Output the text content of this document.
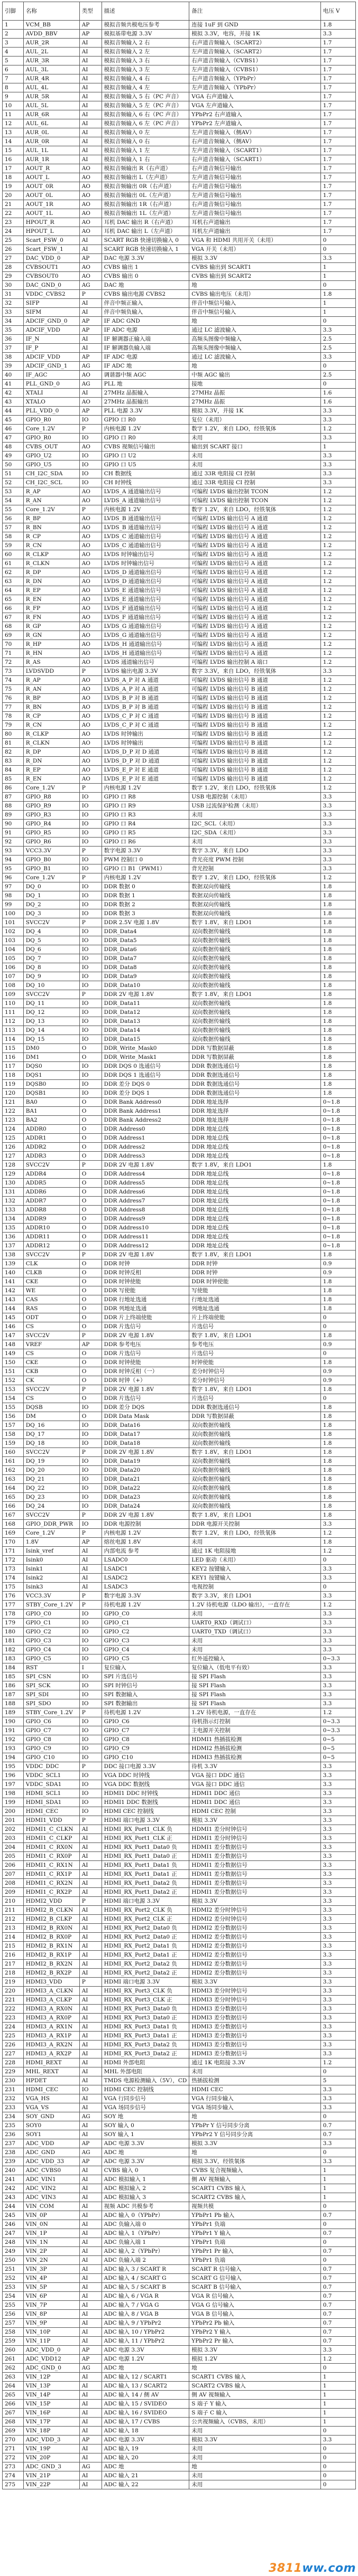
引脚	名称	类型	描述	备注	电压 V
1	VCM_BB	AP	模拟音频共模电压参考	连接 1uF 到 GND	1.8
2	AVDD_BBV	AP	模拟基带电源 3.3V	模拟 3.3V，电容，并接 1K	3.3
3	AUR_2R	AI	模拟音频输入 2 右	右声道音频输入（SCART2）	1.7
4	AUL_2L	AI	模拟音频输入 2 左	左声道音频输入（SCART2）	1.7
5	AUR_3R	AI	模拟音频输入 3 右	右声道音频输入（CVBS1）	1.7
6	AUL_3L	AI	模拟音频输入 3 左	左声道音频输入（CVBS1）	1.7
7	AUR_4R	AI	模拟音频输入 4 右	右声道音频输入（YPbPr）	1.7
8	AUL_4L	AI	模拟音频输入 4 左	左声道音频输入（YPbPr）	1.7
9	AUR_5R	AI	模拟音频输入 5 右（PC 声音）	VGA 右声道输入	1.7
10	AUL_5L	AI	模拟音频输入 5 左（PC 声音）	VGA 左声道输入	1.7
11	AUR_6R	AI	模拟音频输入 6 右（PC 声音）	YPbPr2 右声道输入	1.7
12	AUL_6L	AI	模拟音频输入 6 左（PC 声音）	YPbPr2 左声道输入	1.7
13	AUR_0L	AI	模拟音频输入 0 左	左声道音频输入（侧AV）	1.7
14	AUR_0R	AI	模拟音频输入 0 右	右声道音频输入（侧AV）	1.7
15	AUL_1L	AI	模拟音频输入 1 左	左声道音频输入（SCART1）	1.7
16	AUR_1R	AI	模拟音频输入 1 右	右声道音频输入（SCART1）	1.7
17	AOUT_R	AO	模拟音频输出 R（右声道）	右声道音频信号输出	1.7
18	AOUT_L	AO	模拟音频输出 L（左声道）	左声道音频信号输出	1.7
19	AOUT_0R	AO	模拟音频输出 0R（右声道）	右声道音频信号输出	1.7
20	AOUT_0L	AO	模拟音频输出 0L（左声道）	左声道音频信号输出	1.7
21	AOUT_1R	AO	模拟音频输出 1R（右声道）	右声道音频信号输出	1.7
22	AOUT_1L	AO	模拟音频输出 1L（左声道）	左声道音频信号输出	1.7
23	HPOUT_R	AO	耳机 DAC 输出 R（右声道）	耳机右声道输出	1.7
24	HPOUT_L	AO	耳机 DAC 输出 L（左声道）	耳机左声道输出	1.7
25	Scart_FSW_0	AI	SCART RGB 快速切换输入 0	VGA 和 HDMI 共用开关（未用）	0
26	Scart_FSW_1	AI	SCART RGB 快速切换输入 1	VGA 开关（未用）	0
27	DAC_VDD_0	AP	DAC 电源 3.3V	模拟 3.3V	3.3
28	CVBSOUT1	AO	CVBS 输出 1	CVBS 输出到 SCART1	1
29	CVBSOUT0	AO	CVBS 输出 0	CVBS 输出到 SCART2	1
30	DAC_GND_0	AG	DAC 地	地	0
31	VDDC_CVBS2	P	CVBS 输出电源 CVBS2	CVBS 输出电压（未用）	1.8
32	SIFP	AI	伴音中频正输入	伴音中频信号输入	1
33	SIFM	AI	伴音中频负输入	伴音中频信号输入	1
34	ADCIF_GND_0	AP	IF ADC GND	地	0
35	ADCIF_VDD	AP	IF ADC 电源	通过 LC 滤波输入	3.3
36	IF_N	AI	IF 解调器正输入端	高频头图像中频输入	2.5
37	IF_P	AI	IF 解调器负输入端	高频头图像中频输入	2.5
38	ADCIF_VDD	AP	IF ADC 电源	通过 LC 滤波输入	3.3
39	ADCIF_GND_1	AG	IF ADC 地	地	0
40	IF_AGC	AO	调谐器中频 AGC	中频 AGC 输出	2.5
41	PLL_GND_0	AG	PLL 地	接地	0
42	XTALI	AI	27MHz 晶振输入	27MHz 晶振	1.6
43	XTALO	AO	27MHz 晶振输出	27MHz 晶振	1.6
44	PLL_VDD_0	AP	PLL 电源 3.3V	模拟 3.3V，并接 1K	3.3
45	GPIO_R0	IO	GPIO 口 R0	复位（未用）	3.3
46	Core_1.2V	P	内核电源 1.2V	数字 1.2V，来自 LDO，经铁氧体	1.2
47	GPIO_R0	IO	GPIO 口 R0	未用	3.3
48	CVBS_OUT	AO	CVBS 视频信号输出	输出到 SCART 接口	1
49	GPIO_U2	IO	GPIO 口 U2	未用	3.3
50	GPIO_U5	IO	GPIO 口 U5	未用	3.3
51	CH_I2C_SDA	IO	CH 数据线	通过 33R 电阻接 CI 控制	3.3
52	CH_I2C_SCL	IO	CH 时钟线	通过 33R 电阻接 CI 控制	3.3
53	R_AP	AO	LVDS_A 通道输出信号	可编程 LVDS 输出控制 TCON	1.2
54	R_AN	AO	LVDS_A 通道输出信号	可编程 LVDS 输出控制 TCON	1.2
55	Core_1.2V	P	内核电源 1.2V	数字 1.2V，来自 LDO，经铁氧体	1.2
56	R_BP	AO	LVDS_B 通道输出信号	可编程 LVDS 输出信号 A 通道	1.2
57	R_BN	AO	LVDS_B 通道输出信号	可编程 LVDS 输出信号 A 通道	1.2
58	R_CP	AO	LVDS_C 通道输出信号	可编程 LVDS 输出信号 A 通道	1.2
59	R_CN	AO	LVDS_C 通道输出信号	可编程 LVDS 输出信号 A 通道	1.2
60	R_CLKP	AO	LVDS 时钟输出信号	可编程 LVDS 输出信号 A 通道	1.2
61	R_CLKN	AO	LVDS 时钟输出信号	可编程 LVDS 输出信号 A 通道	1.2
62	R_DP	AO	LVDS_D 通道输出信号	可编程 LVDS 输出信号 A 通道	1.2
63	R_DN	AO	LVDS_D 通道输出信号	可编程 LVDS 输出信号 A 通道	1.2
64	R_EP	AO	LVDS_E 通道输出信号	可编程 LVDS 输出信号 A 通道	1.2
65	R_EN	AO	LVDS_E 通道输出信号	可编程 LVDS 输出信号 A 通道	1.2
66	R_FP	AO	LVDS_F 通道输出信号	可编程 LVDS 输出信号 A 通道	1.2
67	R_FN	AO	LVDS_F 通道输出信号	可编程 LVDS 输出信号 A 通道	1.2
68	R_GP	AO	LVDS_G 通道输出信号	可编程 LVDS 输出信号 A 通道	1.2
69	R_GN	AO	LVDS_G 通道输出信号	可编程 LVDS 输出信号 A 通道	1.2
70	R_HP	AO	LVDS_H 通道输出信号	可编程 LVDS 输出信号 A 通道	1.2
71	R_HN	AO	LVDS_H 通道输出信号	可编程 LVDS 输出信号 A 通道	1.2
72	R_AS	AO	LVDS 通道输出信号	可编程 LVDS 输出控制 A 端口	1.2
73	LVDSVDD	P	LVDS 输出电源 3.3V	数字 3.3V，来自 LDO，经铁氧体	3.3
74	R_AP	AO	LVDS_A_P 对 A 通道	可编程 LVDS 输出信号 B 通道	1.2
75	R_AN	AO	LVDS_A_P 对 A 通道	可编程 LVDS 输出信号 B 通道	1.2
76	R_BP	AO	LVDS_B_P 对 B 通道	可编程 LVDS 输出信号 B 通道	1.2
77	R_BN	AO	LVDS_B_P 对 B 通道	可编程 LVDS 输出信号 B 通道	1.2
78	R_CP	AO	LVDS_C_P 对 C 通道	可编程 LVDS 输出信号 B 通道	1.2
79	R_CN	AO	LVDS_C_P 对 C 通道	可编程 LVDS 输出信号 B 通道	1.2
80	R_CLKP	AO	LVDS 时钟输出	可编程 LVDS 输出信号 B 通道	1.2
81	R_CLKN	AO	LVDS 时钟输出	可编程 LVDS 输出信号 B 通道	1.2
82	R_DP	AO	LVDS_D_P 对 D 通道	可编程 LVDS 输出信号 B 通道	1.2
83	R_DN	AO	LVDS_D_P 对 D 通道	可编程 LVDS 输出信号 B 通道	1.2
84	R_EP	AO	LVDS_E_P 对 E 通道	可编程 LVDS 输出信号 B 通道	1.2
85	R_EN	AO	LVDS_E_P 对 E 通道	可编程 LVDS 输出信号 B 通道	1.2
86	Core_1.2V	P	内核电源 1.2V	数字 1.2V，来自 LDO，经铁氧体	1.2
87	GPIO_R8	IO	GPIO 口 R8	USB 电源控制（未用）	3.3
88	GPIO_R9	IO	GPIO 口 R9	USB 过流保护检测（未用）	3.3
89	GPIO_R3	IO	GPIO 口 R3	未用	3.3
90	GPIO_R4	IO	GPIO 口 R4	I2C_SCL（未用）	3.3
91	GPIO_R5	IO	GPIO 口 R5	I2C_SDA（未用）	3.3
92	GPIO_R6	IO	GPIO 口 R6	未用	3.3
93	VCC3.3V	P	数字电源 3.3V	数字 3.3V，来自 LDO	3.3
94	GPIO_B0	IO	PWM 控制口 0	背光亮度 PWM 控制	3.3
95	GPIO_B1	IO	GPIO 口 B1（PWM1）	背光控制	3.3
96	Core_1.2V	P	内核电源 1.2V	数字 1.2V，来自 LDO，经铁氧体	1.2
97	DQ_0	IO	DDR 数据 0	数据双向传输线	1.8
98	DQ_1	IO	DDR 数据 1	数据双向传输线	1.8
99	DQ_2	IO	DDR 数据 2	数据双向传输线	1.8
100	DQ_3	IO	DDR 数据 3	数据双向传输线	1.8
101	SVCC2V	P	DDR 2.5V 电源 1.8V	数字 1.8V，来自 LDO1	1.8
102	DQ_4	IO	DDR_Data4	双向数据传输线	1.8
103	DQ_5	IO	DDR_Data5	双向数据传输线	1.8
104	DQ_6	IO	DDR_Data6	双向数据传输线	1.8
105	DQ_7	IO	DDR_Data7	双向数据传输线	1.8
106	DQ_8	IO	DDR_Data8	双向数据传输线	1.8
107	DQ_9	IO	DDR_Data9	双向数据传输线	1.8
108	DQ_10	IO	DDR_Data10	双向数据传输线	1.8
109	SVCC2V	P	DDR 2V 电源 1.8V	数字 1.8V，来自 LDO1	1.8
110	DQ_11	IO	DDR_Data11	双向数据传输线	1.8
111	DQ_12	IO	DDR_Data12	双向数据传输线	1.8
112	DQ_13	IO	DDR_Data13	双向数据传输线	1.8
113	DQ_14	IO	DDR_Data14	双向数据传输线	1.8
114	DQ_15	IO	DDR_Data15	双向数据传输线	1.8
115	DM0	O	DDR_Write_Mask0	DDR 写数据屏蔽	1.8
116	DM1	O	DDR_Write_Mask1	DDR 写数据屏蔽	1.8
117	DQS0	IO	DDR DQS 0 选通信号	DDR 数据选通信号	1.8
118	DQS1	IO	DDR DQS 1 选通信号	DDR 数据选通信号	1.8
119	DQSB0	IO	DDR 差分 DQS 0	DDR 数据选通信号	1.8
120	DQSB1	IO	DDR 差分 DQS 1	DDR 数据选通信号	1.8
121	BA0	O	DDR Bank Address0	DDR 地址选择	0~1.8
122	BA1	O	DDR Bank Address1	DDR 地址选择	0~1.8
123	BA2	O	DDR Bank Address2	DDR 地址选择	0~1.8
124	ADDR0	O	DDR Address0	DDR 地址总线	0~1.8
125	ADDR1	O	DDR Address1	DDR 地址总线	0~1.8
126	ADDR2	O	DDR Address2	DDR 地址总线	0~1.8
127	ADDR3	O	DDR Address3	DDR 地址总线	0~1.8
128	SVCC2V	P	DDR 2V 电源 1.8V	数字 1.8V，来自 LDO1	1.8
129	ADDR4	O	DDR Address4	DDR 地址总线	0~1.8
130	ADDR5	O	DDR Address5	DDR 地址总线	0~1.8
131	ADDR6	O	DDR Address6	DDR 地址总线	0~1.8
132	ADDR7	O	DDR Address7	DDR 地址总线	0~1.8
133	ADDR8	O	DDR Address8	DDR 地址总线	0~1.8
134	ADDR9	O	DDR Address9	DDR 地址总线	0~1.8
135	ADDR10	O	DDR Address10	DDR 地址总线	0~1.8
136	ADDR11	O	DDR Address11	DDR 地址总线	0~1.8
137	ADDR12	O	DDR Address12	DDR 地址总线	0~1.8
138	SVCC2V	P	DDR 2V 电源 1.8V	数字 1.8V，来自 LDO1	1.8
139	CLK	O	DDR 时钟	DDR 时钟	0.9
140	CLKB	O	DDR 时钟反相	DDR 时钟	0.9
141	CKE	O	DDR 时钟使能	DDR 时钟使能	1.8
142	WE	O	DDR 写使能	写使能	1.8
143	CAS	O	DDR 行地址选通	行地址选通	1.8
144	RAS	O	DDR 列地址选通	列地址选通	1.8
145	ODT	O	DDR 片上终端使能	片上终端使能	0
146	CS	O	DDR 片选信号	片选信号	0
147	SVCC2V	P	DDR 2V 电源 1.8V	数字 1.8V，来自 LDO1	1.8
148	VREF	AP	DDR 参考电压	参考电压	0.9
149	CS	O	DDR 片选信号	片选信号	0
150	CKE	O	DDR 时钟使能	时钟使能	1.8
151	CKB	O	DDR 时钟反相（一）	差分时钟信号	0.9
152	CK	O	DDR 时钟（+）	差分时钟信号	0.9
153	SVCC2V	P	DDR 2V 电源 1.8V	数字 1.8V，来自 LDO1	1.8
154	CS	O	DDR 片选信号	片选信号	0
155	DQSB	IO	DDR 差分 DQS	DDR 数据选通信号	1.8
156	DM	O	DDR Data Mask	DDR 写数据屏蔽	1.8
157	DQ_16	IO	DDR_Data16	双向数据传输线	1.8
158	DQ_17	IO	DDR_Data17	双向数据传输线	1.8
159	DQ_18	IO	DDR_Data18	双向数据传输线	1.8
160	SVCC2V	P	DDR 2V 电源 1.8V	数字 1.8V，来自 LDO1	1.8
161	DQ_19	IO	DDR_Data19	双向数据传输线	1.8
162	DQ_20	IO	DDR_Data20	双向数据传输线	1.8
163	DQ_21	IO	DDR_Data21	双向数据传输线	1.8
164	DQ_22	IO	DDR_Data22	双向数据传输线	1.8
165	DQ_23	IO	DDR_Data23	双向数据传输线	1.8
166	DQ_24	IO	DDR_Data24	双向数据传输线	1.8
167	SVCC2V	P	DDR 2V 电源 1.8V	数字 1.8V，来自 LDO1	1.8
168	GPIO_DDR_PWR	IO	DDR 电源控制	DDR 电源开关控制	3.3
169	Core_1.2V	P	内核电源 1.2V	数字 1.2V，来自 LDO，经铁氧体	1.2
170	1.8V	AP	熔丝电源 1.8V	未用	1.8
171	Isink_vref	AI	内部电流 参考	通过 1K 电阻接地	1.2
172	Isink0	AI	LSADC0	LED 驱动（未用）	0
173	Isink1	AI	LSADC1	KEY2 按键输入	3.3
174	Isink2	AI	LSADC2	KEY1 按键输入	3.3
175	Isink3	AI	LSADC3	电视控制	0
176	VCC3.3V	P	数字电源 3.3V	数字 3.3V，来自 LDO1	3.3
177	STBY_Core_1.2V	P	待机电源 1.2V	1.2V 待机电源（LDO 输出），一直存在	1.2
178	GPIO_C0	IO	GPIO_C0	未用	3.3
179	GPIO_C1	IO	GPIO_C1	UART0_RXD（调试口）	3.3
180	GPIO_C2	IO	GPIO_C2	UART0_TXD（调试口）	3.3
181	GPIO_C3	IO	GPIO_C3	未用	3.3
182	GPIO_C4	IO	GPIO_C4	未用	3.3
183	GPIO_C5	IO	GPIO_C5	红外遥控输入	0~3.3
184	RST	I	复位输入	复位输入（低电平有效）	3.3
185	SPI_CSN	IO	SPI 片选信号	接 SPI Flash	3.3
186	SPI_SCK	IO	SPI 时钟信号	接 SPI Flash	3.3
187	SPI_SDI	IO	SPI 数据输入	接 SPI Flash	3.3
188	SPI_SDO	IO	SPI 数据输出	接 SPI Flash	3.3
189	STBY_Core_1.2V	P	待机电源 1.2V	1.2V 待机电源，一直存在	1.2
190	GPIO_C6	IO	GPIO_C6	待机指示灯控制	0~3.3
191	GPIO_C7	IO	GPIO_C7	主电源开关控制	0~3.3
192	GPIO_C8	IO	GPIO_C8	HDMI1 热插拔检测	0~5
193	GPIO_C9	IO	GPIO_C9	HDMI2 热插拔检测	0~5
194	GPIO_C10	IO	GPIO_C10	HDMI3 热插拔检测	0~5
195	VDDC_DDC	P	DDC 接口电源 3.3V	待机 3.3V	3.3
196	VDDC_SCL1	IO	VGA DDC 时钟线	VGA 接口 DDC 通信	3.3
197	VDDC_SDA1	IO	VGA DDC 数据线	VGA 接口 DDC 通信	3.3
198	HDMI_SCL1	IO	HDMI1 DDC 时钟线	HDMI1 DDC 通信	3.3
199	HDMI_SDA1	IO	HDMI1 DDC 数据线	HDMI1 DDC 通信	3.3
200	HDMI_CEC	IO	HDMI CEC 控制线	HDMI CEC 控制	3.3
201	HDMI1_VDD	P	HDMI 端口电源 3.3V	模拟 3.3V	3.3
202	HDMI1_C_CLKN	AI	HDMI_RX_Port1_CLK 负	HDMI1 差分时钟信号	3.3
203	HDMI1_C_CLKP	AI	HDMI_RX_Port1_CLK 正	HDMI1 差分时钟信号	3.3
204	HDMI1_C_RX0N	AI	HDMI_RX_Port1_Data0 负	HDMI1 差分数据信号	3.3
205	HDMI1_C_RX0P	AI	HDMI_RX_Port1_Data0 正	HDMI1 差分数据信号	3.3
206	HDMI1_C_RX1N	AI	HDMI_RX_Port1_Data1 负	HDMI1 差分数据信号	3.3
207	HDMI1_C_RX1P	AI	HDMI_RX_Port1_Data1 正	HDMI1 差分数据信号	3.3
208	HDMI1_C_RX2N	AI	HDMI_RX_Port1_Data2 负	HDMI1 差分数据信号	3.3
209	HDMI1_C_RX2P	AI	HDMI_RX_Port1_Data2 正	HDMI1 差分数据信号	3.3
210	HDMI2_VDD	P	HDMI 端口电源 3.3V	模拟 3.3V	3.3
211	HDMI2_B_CLKN	AI	HDMI_RX_Port2_CLK 负	HDMI2 差分时钟信号	3.3
212	HDMI2_B_CLKP	AI	HDMI_RX_Port2_CLK 正	HDMI2 差分时钟信号	3.3
213	HDMI2_B_RX0N	AI	HDMI_RX_Port2_Data0 负	HDMI2 差分数据信号	3.3
214	HDMI2_B_RX0P	AI	HDMI_RX_Port2_Data0 正	HDMI2 差分数据信号	3.3
215	HDMI2_B_RX1N	AI	HDMI_RX_Port2_Data1 负	HDMI2 差分数据信号	3.3
216	HDMI2_B_RX1P	AI	HDMI_RX_Port2_Data1 正	HDMI2 差分数据信号	3.3
217	HDMI2_B_RX2N	AI	HDMI_RX_Port2_Data2 负	HDMI2 差分数据信号	3.3
218	HDMI2_B_RX2P	AI	HDMI_RX_Port2_Data2 正	HDMI2 差分数据信号	3.3
219	HDMI3_VDD	P	HDMI 端口电源 3.3V	模拟 3.3V	3.3
220	HDMI3_A_CLKN	AI	HDMI_RX_Port3_CLK 负	HDMI3 差分时钟信号	3.3
221	HDMI3_A_CLKP	AI	HDMI_RX_Port3_CLK 正	HDMI3 差分时钟信号	3.3
222	HDMI3_A_RX0N	AI	HDMI_RX_Port3_Data0 负	HDMI3 差分数据信号	3.3
223	HDMI3_A_RX0P	AI	HDMI_RX_Port3_Data0 正	HDMI3 差分数据信号	3.3
224	HDMI3_A_RX1N	AI	HDMI_RX_Port3_Data1 负	HDMI3 差分数据信号	3.3
225	HDMI3_A_RX1P	AI	HDMI_RX_Port3_Data1 正	HDMI3 差分数据信号	3.3
226	HDMI3_A_RX2N	AI	HDMI_RX_Port3_Data2 负	HDMI3 差分数据信号	3.3
227	HDMI3_A_RX2P	AI	HDMI_RX_Port3_Data2 正	HDMI3 差分数据信号	3.3
228	HDMI_REXT	AI	HDMI 外部电阻	通过 1K 电阻接 3.3V	1.2
229	MHL_REXT	AI	MHL 外部电阻	未用	0
230	HPDET	AI	TMDS 电源检测输入（5V），CD	热插拔检测	5
231	HDMI_CEC	IO	HDMI CEC 控制线	HDMI CEC	3.3
232	VGA_HS	AI	VGA 行同步信号	VGA 行同步输入	3.3
233	VGA_VS	AI	VGA 场同步信号	VGA 场同步输入	3.3
234	SOY_GND	AG	SOY 地	地	0
235	SOY0	AI	SOY 输入 0	YPbPr Y 信号同步分离	0.7
236	SOY1	AI	SOY 输入 1	YPbPr2 Y 信号同步分离	0.7
237	ADC_VDD	AP	ADC 电源 3.3V	模拟 3.3V	3.3
238	ADC_GND	AG	ADC 地	地	0
239	ADC_VDD_33	AP	ADC 电源 3.3V	模拟 3.3V，经铁氧体	3.3
240	ADC_CVBS0	AI	CVBS 输入 0	CVBS 复合视频输入	1
241	ADC_VIN1	AI	ADC 模拟输入 1	侧 AV 视频输入	1
242	ADC_VIN2	AI	ADC 模拟输入 2	SCART1 CVBS 输入	1
243	ADC_VIN3	AI	ADC 模拟输入 3	SCART2 CVBS 输入	1
244	VIN_COM	AI	视频 ADC 共模参考	视频共模	0
245	VIN_0P	AI	ADC 输入 0（YPbPr）	YPbPr1 Pb 输入	0.7
246	VIN_0N	AI	ADC 负输入端 0	YPbPr1 负端	0
247	VIN_1P	AI	ADC 输入 1（YPbPr）	YPbPr1 Y 输入	0.7
248	VIN_1N	AI	ADC 负输入端 1	YPbPr1 负端	0
249	VIN_2P	AI	ADC 输入 2（YPbPr）	YPbPr1 Pr 输入	0.7
250	VIN_2N	AI	ADC 负输入端 2	YPbPr1 负端	0
251	VIN_3P	AI	ADC 输入 3 / SCART R	SCART R 信号输入	0.7
252	VIN_4P	AI	ADC 输入 4 / SCART G	SCART G 信号输入	0.7
253	VIN_5P	AI	ADC 输入 5 / SCART B	SCART B 信号输入	0.7
254	VIN_6P	AI	ADC 输入 6 / VGA R	VGA R 信号输入	0.7
255	VIN_7P	AI	ADC 输入 7 / VGA G	VGA G 信号输入	0.7
256	VIN_8P	AI	ADC 输入 8 / VGA B	VGA B 信号输入	0.7
257	VIN_9P	AI	ADC 输入 9 / YPbPr2	YPbPr2 Pb 输入	0.7
258	VIN_10P	AI	ADC 输入 10 / YPbPr2	YPbPr2 Y 输入	0.7
259	VIN_11P	AI	ADC 输入 11 / YPbPr2	YPbPr2 Pr 输入	0.7
260	ADC_VDD_0	AP	ADC 电源 3.3V	模拟 3.3V	3.3
261	ADC_VDD12	AP	ADC 电源 1.2V	模拟 1.2V	1.2
262	ADC_GND_0	AG	ADC 地	地	0
263	VIN_12P	AI	ADC 输入 12 / SCART1	SCART1 CVBS 输入	1
264	VIN_13P	AI	ADC 输入 13 / SCART2	SCART2 CVBS 输入	1
265	VIN_14P	AI	ADC 输入 14 / 侧 AV	侧 AV 视频输入	1
266	VIN_15P	AI	ADC 输入 15 / SVIDEO	S 端子 Y 输入	1
267	VIN_16P	AI	ADC 输入 16 / SVIDEO	S 端子 C 输入	1
268	VIN_17P	AI	ADC 输入 17 / CVBS	公共视频输入（CVBS，未用）	1
269	VIN_18P	AI	ADC 输入 18	未用	0
270	ADC_VDD_3	AP	ADC 电源 3.3V	模拟 3.3V	3.3
271	VIN_19P	AI	ADC 输入 19	未用	0
272	VIN_20P	AI	ADC 输入 20	未用	0
273	ADC_GND_3	AG	ADC 地	地	0
274	VIN_21P	AI	ADC 输入 21	未用	0
275	VIN_22P	AI	ADC 输入 22	未用	0
3811ww.com
